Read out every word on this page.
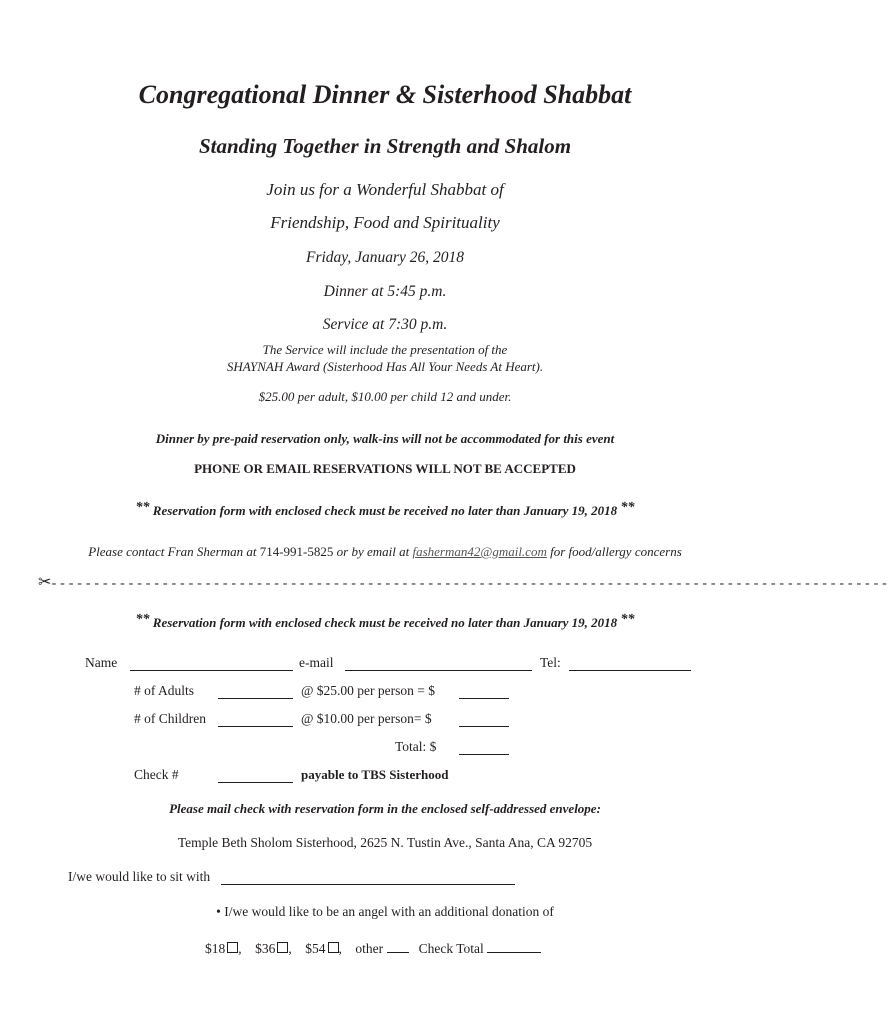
Congregational Dinner & Sisterhood Shabbat
Standing Together in Strength and Shalom
Join us for a Wonderful Shabbat of
Friendship, Food and Spirituality
Friday, January 26, 2018
Dinner at 5:45 p.m.
Service at 7:30 p.m.
The Service will include the presentation of the
SHAYNAH Award (Sisterhood Has All Your Needs At Heart).
$25.00 per adult, $10.00 per child 12 and under.
Dinner by pre-paid reservation only, walk-ins will not be accommodated for this event
PHONE OR EMAIL RESERVATIONS WILL NOT BE ACCEPTED
** Reservation form with enclosed check must be received no later than January 19, 2018 **
Please contact Fran Sherman at 714-991-5825 or by email at fasherman42@gmail.com for food/allergy concerns
✂- - - - - - - - - - - - - - - - - - - - - - - - - - - - - - - - - - - - - - - - - - - - - - - - - - - - - - - - - - - - - - - - - - - - - - - - - - - - - - - - - - - - - - - - - - - - - - - - - -
** Reservation form with enclosed check must be received no later than January 19, 2018 **
Name	e-mail	Tel:
# of Adults	@ $25.00 per person = $
# of Children	@ $10.00 per person= $
Total: $
Check #	payable to TBS Sisterhood
Please mail check with reservation form in the enclosed self-addressed envelope:
Temple Beth Sholom Sisterhood, 2625 N. Tustin Ave., Santa Ana, CA 92705
I/we would like to sit with
• I/we would like to be an angel with an additional donation of
$18 ,    $36 ,    $54 ,    other	Check Total
